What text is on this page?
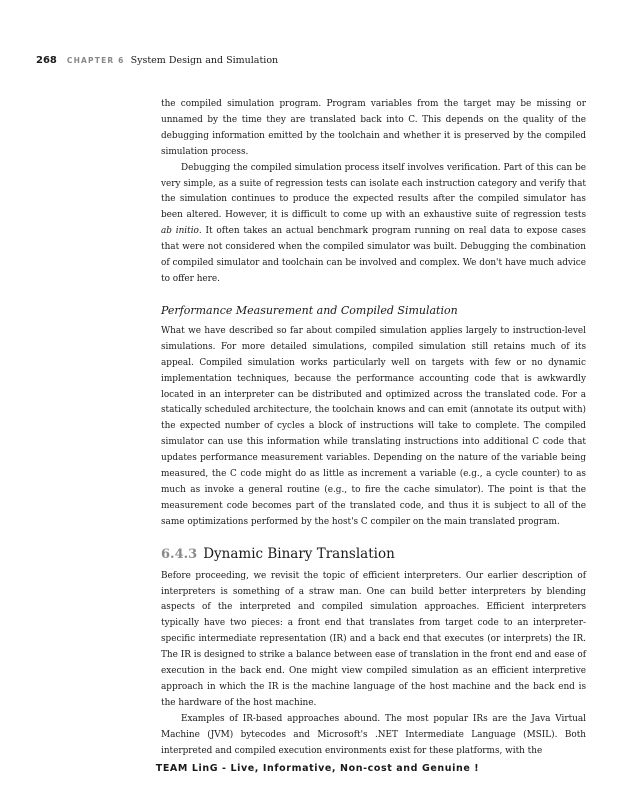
268 CHAPTER 6 System Design and Simulation

the compiled simulation program. Program variables from the target may be missing or unnamed by the time they are translated back into C. This depends on the quality of the debugging information emitted by the toolchain and whether it is preserved by the compiled simulation process.

Debugging the compiled simulation process itself involves verification. Part of this can be very simple, as a suite of regression tests can isolate each instruction category and verify that the simulation continues to produce the expected results after the compiled simulator has been altered. However, it is difficult to come up with an exhaustive suite of regression tests ab initio. It often takes an actual benchmark program running on real data to expose cases that were not considered when the compiled simulator was built. Debugging the combination of compiled simulator and toolchain can be involved and complex. We don't have much advice to offer here.

Performance Measurement and Compiled Simulation

What we have described so far about compiled simulation applies largely to instruction-level simulations. For more detailed simulations, compiled simulation still retains much of its appeal. Compiled simulation works particularly well on targets with few or no dynamic implementation techniques, because the performance accounting code that is awkwardly located in an interpreter can be distributed and optimized across the translated code. For a statically scheduled architecture, the toolchain knows and can emit (annotate its output with) the expected number of cycles a block of instructions will take to complete. The compiled simulator can use this information while translating instructions into additional C code that updates performance measurement variables. Depending on the nature of the variable being measured, the C code might do as little as increment a variable (e.g., a cycle counter) to as much as invoke a general routine (e.g., to fire the cache simulator). The point is that the measurement code becomes part of the translated code, and thus it is subject to all of the same optimizations performed by the host's C compiler on the main translated program.

6.4.3 Dynamic Binary Translation

Before proceeding, we revisit the topic of efficient interpreters. Our earlier description of interpreters is something of a straw man. One can build better interpreters by blending aspects of the interpreted and compiled simulation approaches. Efficient interpreters typically have two pieces: a front end that translates from target code to an interpreter-specific intermediate representation (IR) and a back end that executes (or interprets) the IR. The IR is designed to strike a balance between ease of translation in the front end and ease of execution in the back end. One might view compiled simulation as an efficient interpretive approach in which the IR is the machine language of the host machine and the back end is the hardware of the host machine.

Examples of IR-based approaches abound. The most popular IRs are the Java Virtual Machine (JVM) bytecodes and Microsoft's .NET Intermediate Language (MSIL). Both interpreted and compiled execution environments exist for these platforms, with the

TEAM LinG - Live, Informative, Non-cost and Genuine !
